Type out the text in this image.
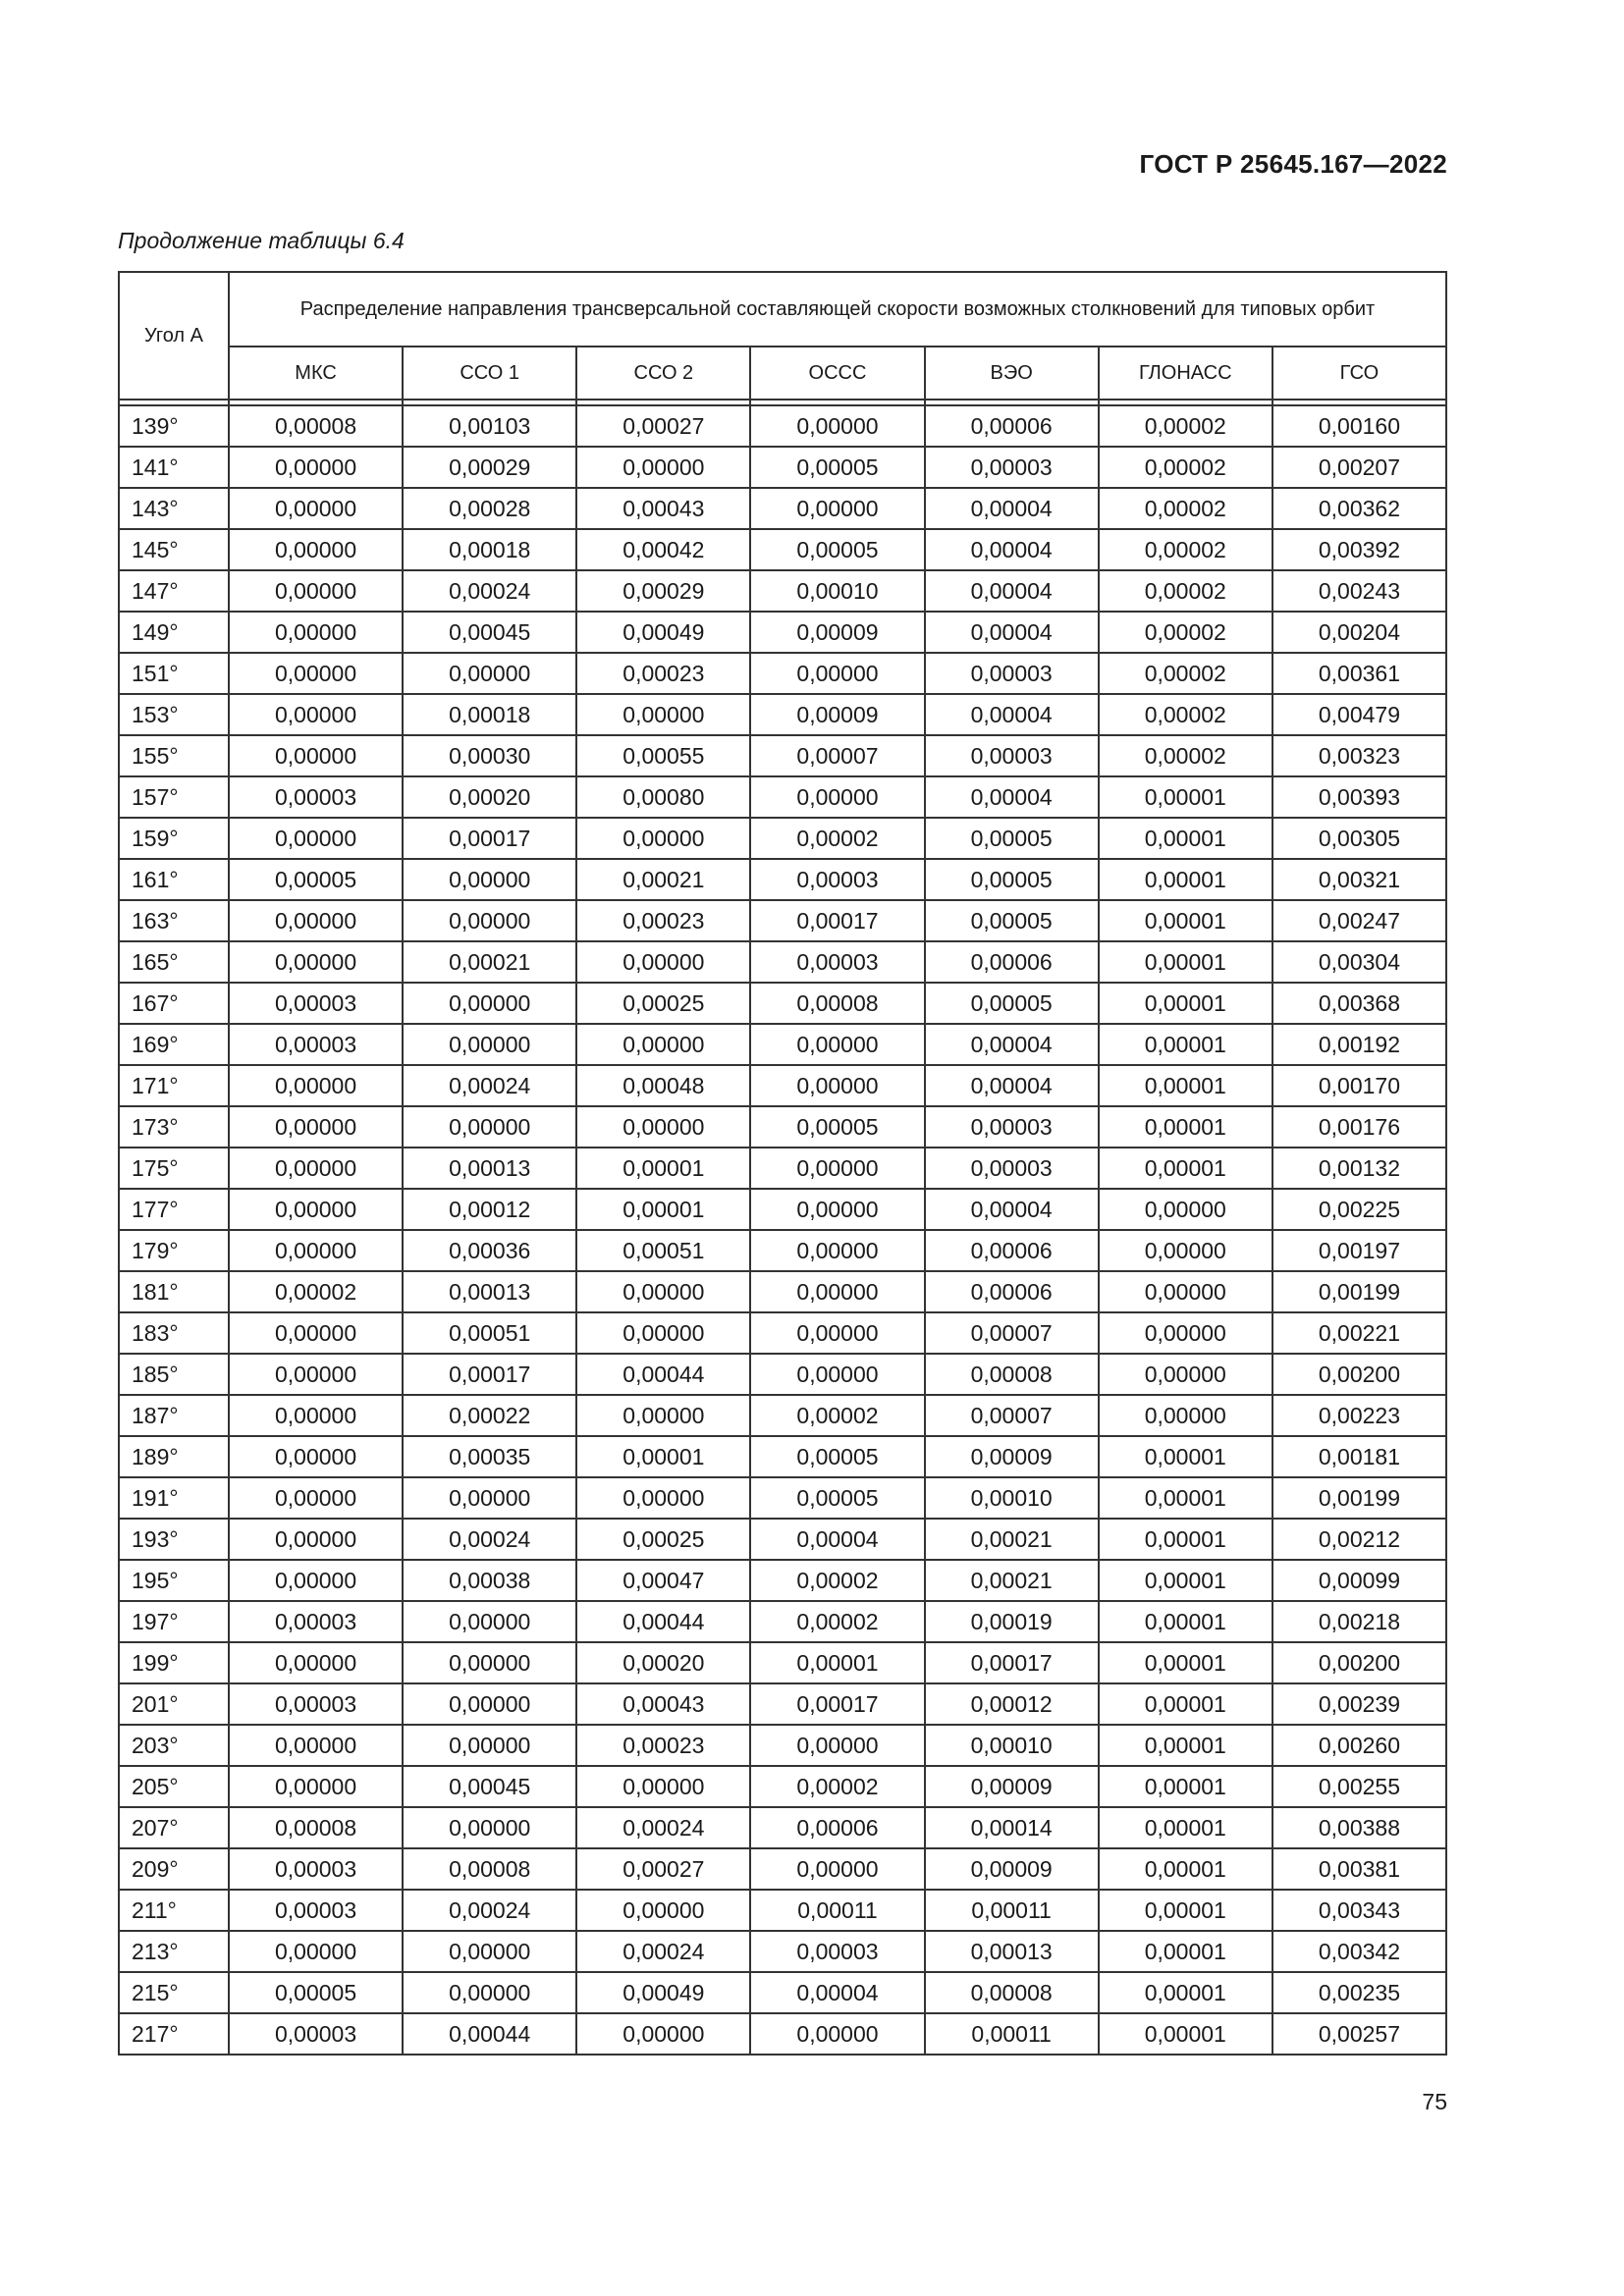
ГОСТ Р 25645.167—2022
Продолжение таблицы 6.4
Угол A	Распределение направления трансверсальной составляющей скорости возможных столкновений для типовых орбит						
	МКС	ССО 1	ССО 2	ОССС	ВЭО	ГЛОНАСС	ГСО

139°	0,00008	0,00103	0,00027	0,00000	0,00006	0,00002	0,00160
141°	0,00000	0,00029	0,00000	0,00005	0,00003	0,00002	0,00207
143°	0,00000	0,00028	0,00043	0,00000	0,00004	0,00002	0,00362
145°	0,00000	0,00018	0,00042	0,00005	0,00004	0,00002	0,00392
147°	0,00000	0,00024	0,00029	0,00010	0,00004	0,00002	0,00243
149°	0,00000	0,00045	0,00049	0,00009	0,00004	0,00002	0,00204
151°	0,00000	0,00000	0,00023	0,00000	0,00003	0,00002	0,00361
153°	0,00000	0,00018	0,00000	0,00009	0,00004	0,00002	0,00479
155°	0,00000	0,00030	0,00055	0,00007	0,00003	0,00002	0,00323
157°	0,00003	0,00020	0,00080	0,00000	0,00004	0,00001	0,00393
159°	0,00000	0,00017	0,00000	0,00002	0,00005	0,00001	0,00305
161°	0,00005	0,00000	0,00021	0,00003	0,00005	0,00001	0,00321
163°	0,00000	0,00000	0,00023	0,00017	0,00005	0,00001	0,00247
165°	0,00000	0,00021	0,00000	0,00003	0,00006	0,00001	0,00304
167°	0,00003	0,00000	0,00025	0,00008	0,00005	0,00001	0,00368
169°	0,00003	0,00000	0,00000	0,00000	0,00004	0,00001	0,00192
171°	0,00000	0,00024	0,00048	0,00000	0,00004	0,00001	0,00170
173°	0,00000	0,00000	0,00000	0,00005	0,00003	0,00001	0,00176
175°	0,00000	0,00013	0,00001	0,00000	0,00003	0,00001	0,00132
177°	0,00000	0,00012	0,00001	0,00000	0,00004	0,00000	0,00225
179°	0,00000	0,00036	0,00051	0,00000	0,00006	0,00000	0,00197
181°	0,00002	0,00013	0,00000	0,00000	0,00006	0,00000	0,00199
183°	0,00000	0,00051	0,00000	0,00000	0,00007	0,00000	0,00221
185°	0,00000	0,00017	0,00044	0,00000	0,00008	0,00000	0,00200
187°	0,00000	0,00022	0,00000	0,00002	0,00007	0,00000	0,00223
189°	0,00000	0,00035	0,00001	0,00005	0,00009	0,00001	0,00181
191°	0,00000	0,00000	0,00000	0,00005	0,00010	0,00001	0,00199
193°	0,00000	0,00024	0,00025	0,00004	0,00021	0,00001	0,00212
195°	0,00000	0,00038	0,00047	0,00002	0,00021	0,00001	0,00099
197°	0,00003	0,00000	0,00044	0,00002	0,00019	0,00001	0,00218
199°	0,00000	0,00000	0,00020	0,00001	0,00017	0,00001	0,00200
201°	0,00003	0,00000	0,00043	0,00017	0,00012	0,00001	0,00239
203°	0,00000	0,00000	0,00023	0,00000	0,00010	0,00001	0,00260
205°	0,00000	0,00045	0,00000	0,00002	0,00009	0,00001	0,00255
207°	0,00008	0,00000	0,00024	0,00006	0,00014	0,00001	0,00388
209°	0,00003	0,00008	0,00027	0,00000	0,00009	0,00001	0,00381
211°	0,00003	0,00024	0,00000	0,00011	0,00011	0,00001	0,00343
213°	0,00000	0,00000	0,00024	0,00003	0,00013	0,00001	0,00342
215°	0,00005	0,00000	0,00049	0,00004	0,00008	0,00001	0,00235
217°	0,00003	0,00044	0,00000	0,00000	0,00011	0,00001	0,00257
75
